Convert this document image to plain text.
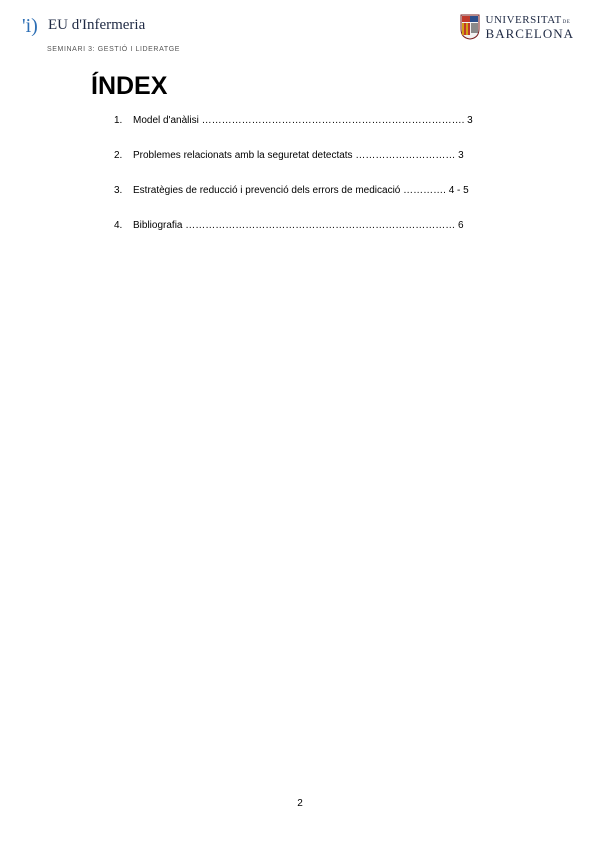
'i) EU d'Infermeria
SEMINARI 3: GESTIÓ I LIDERATGE
UNIVERSITAT DE
BARCELONA
ÍNDEX
1.	Model d'anàlisi ……………………………………………………………………. 3
2.	Problemes relacionats amb la seguretat detectats ………………………… 3
3.	Estratègies de reducció i prevenció dels errors de medicació …………. 4 - 5
4.	Bibliografia ……………………………………………………………………… 6
2
